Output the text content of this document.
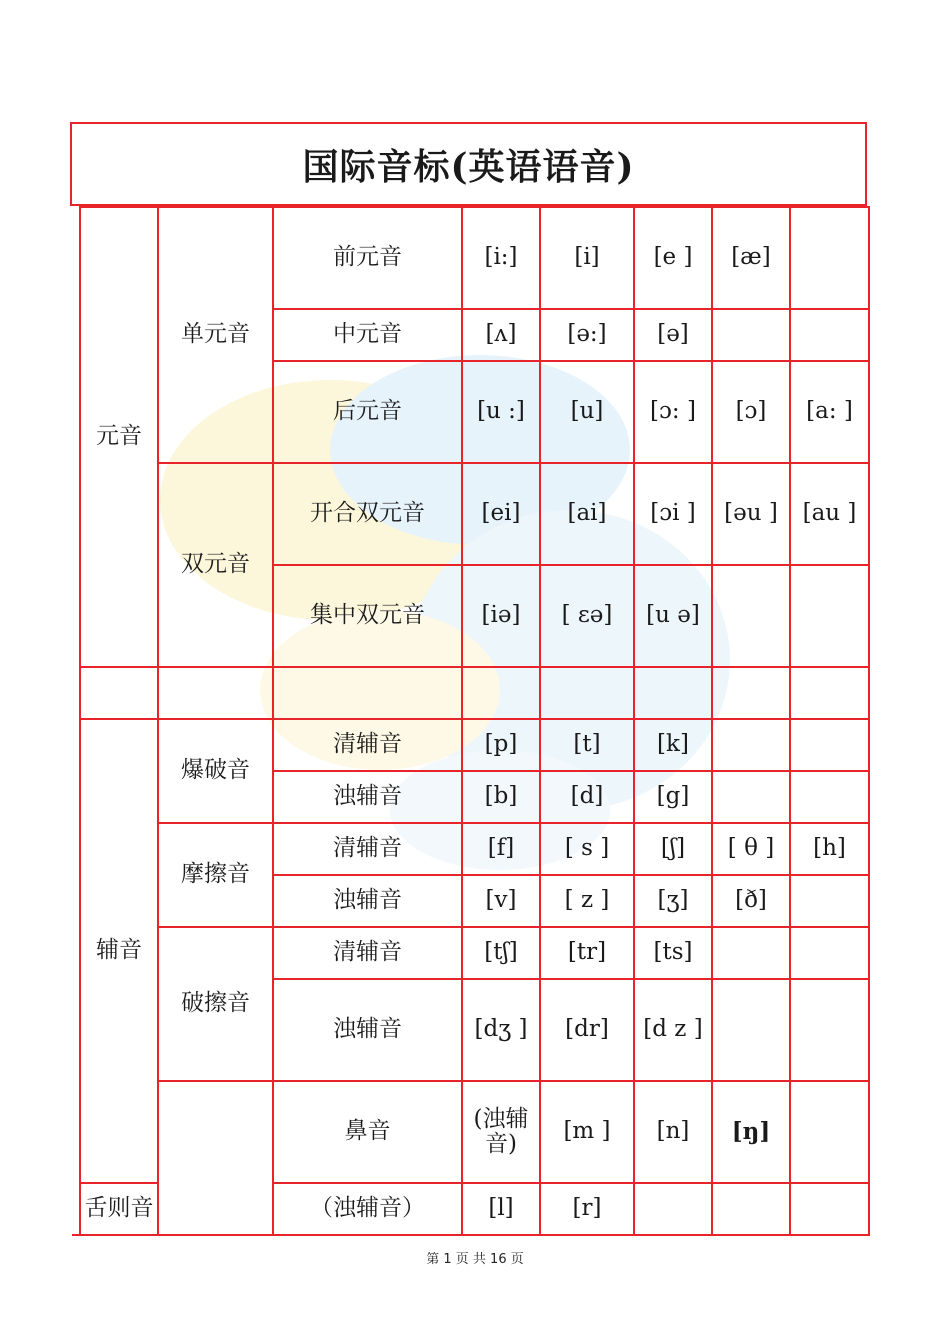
国际音标(英语语音)
元音	单元音	前元音	[i:]	[i]	[e ]	[æ]		
		中元音	[ʌ]	[ə:]	[ə]			
		后元音	[u :]	[u]	[ɔ: ]	[ɔ]	[a: ]	
	双元音	开合双元音	[ei]	[ai]	[ɔi ]	[əu ]	[au ]	
		集中双元音	[iə]	[ εə]	[u ə]			

辅音	爆破音	清辅音	[p]	[t]	[k]			
		浊辅音	[b]	[d]	[g]			
	摩擦音	清辅音	[f]	[ s ]	[ʃ]	[ θ ]	[h]	
		浊辅音	[v]	[ z ]	[ʒ]	[ð]		
	破擦音	清辅音	[tʃ]	[tr]	[ts]			
		浊辅音	[dʒ ]	[dr]	[d z ]			
		鼻音	(浊辅音)	[m ]	[n]	[ŋ]		
舌则音		（浊辅音）	[l]	[r]				
第 1 页 共 16 页
